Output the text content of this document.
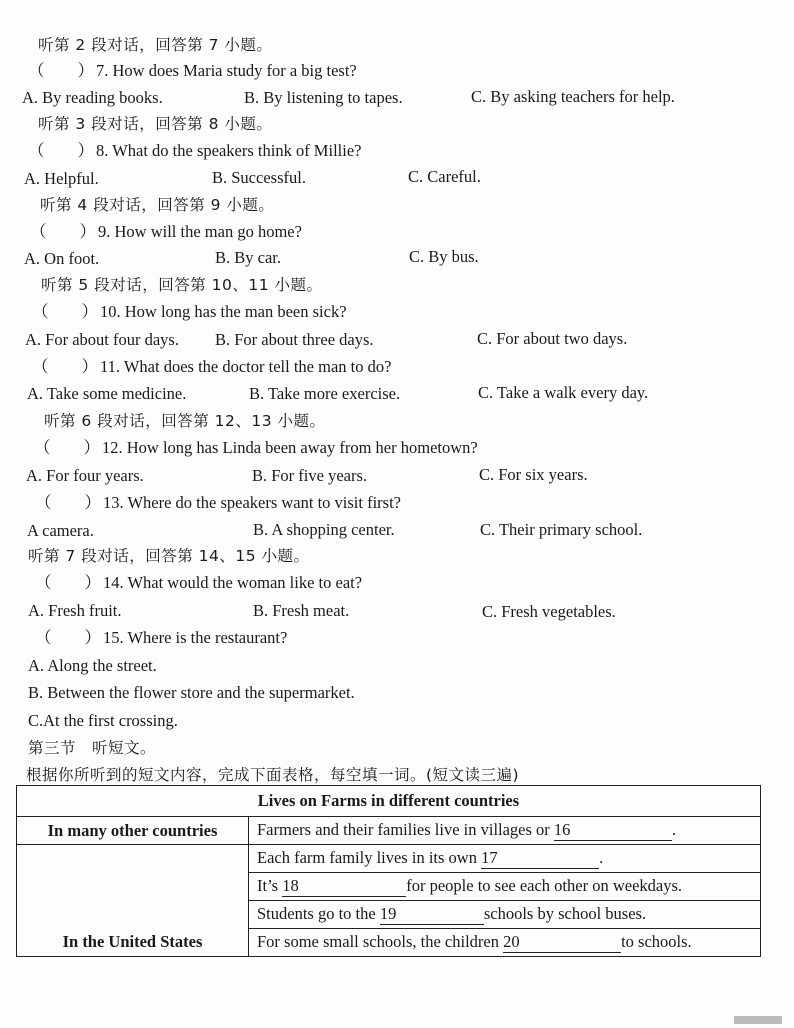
听第 2 段对话，回答第 7 小题。
（　　） 7. How does Maria study for a big test?
A. By reading books.	B. By listening to tapes.	C. By asking teachers for help.
听第 3 段对话，回答第 8 小题。
（　　） 8. What do the speakers think of Millie?
A. Helpful.	B. Successful.	C. Careful.
听第 4 段对话，回答第 9 小题。
（　　） 9. How will the man go home?
A. On foot.	B. By car.	C. By bus.
听第 5 段对话，回答第 10、11 小题。
（　　） 10. How long has the man been sick?
A. For about four days. B. For about three days.	C. For about two days.
（　　） 11. What does the doctor tell the man to do?
A. Take some medicine.	B. Take more exercise.	C. Take a walk every day.
听第 6 段对话，回答第 12、13 小题。
（　　） 12. How long has Linda been away from her hometown?
A. For four years.	B. For five years.	C. For six years.
（　　） 13. Where do the speakers want to visit first?
A camera.	B. A shopping center.	C. Their primary school.
听第 7 段对话，回答第 14、15 小题。
（　　） 14. What would the woman like to eat?
A. Fresh fruit.	B. Fresh meat.	C. Fresh vegetables.
（　　） 15. Where is the restaurant?
A. Along the street.
B. Between the flower store and the supermarket.
C.At the first crossing.
第三节　听短文。
根据你所听到的短文内容，完成下面表格，每空填一词。(短文读三遍)
Lives on Farms in different countries	
In many other countries	Farmers and their families live in villages or 16 .
In the United States	Each farm family lives in its own 17 .
	It’s 18 for people to see each other on weekdays.
	Students go to the 19 schools by school buses.
	For some small schools, the children 20 to schools.
